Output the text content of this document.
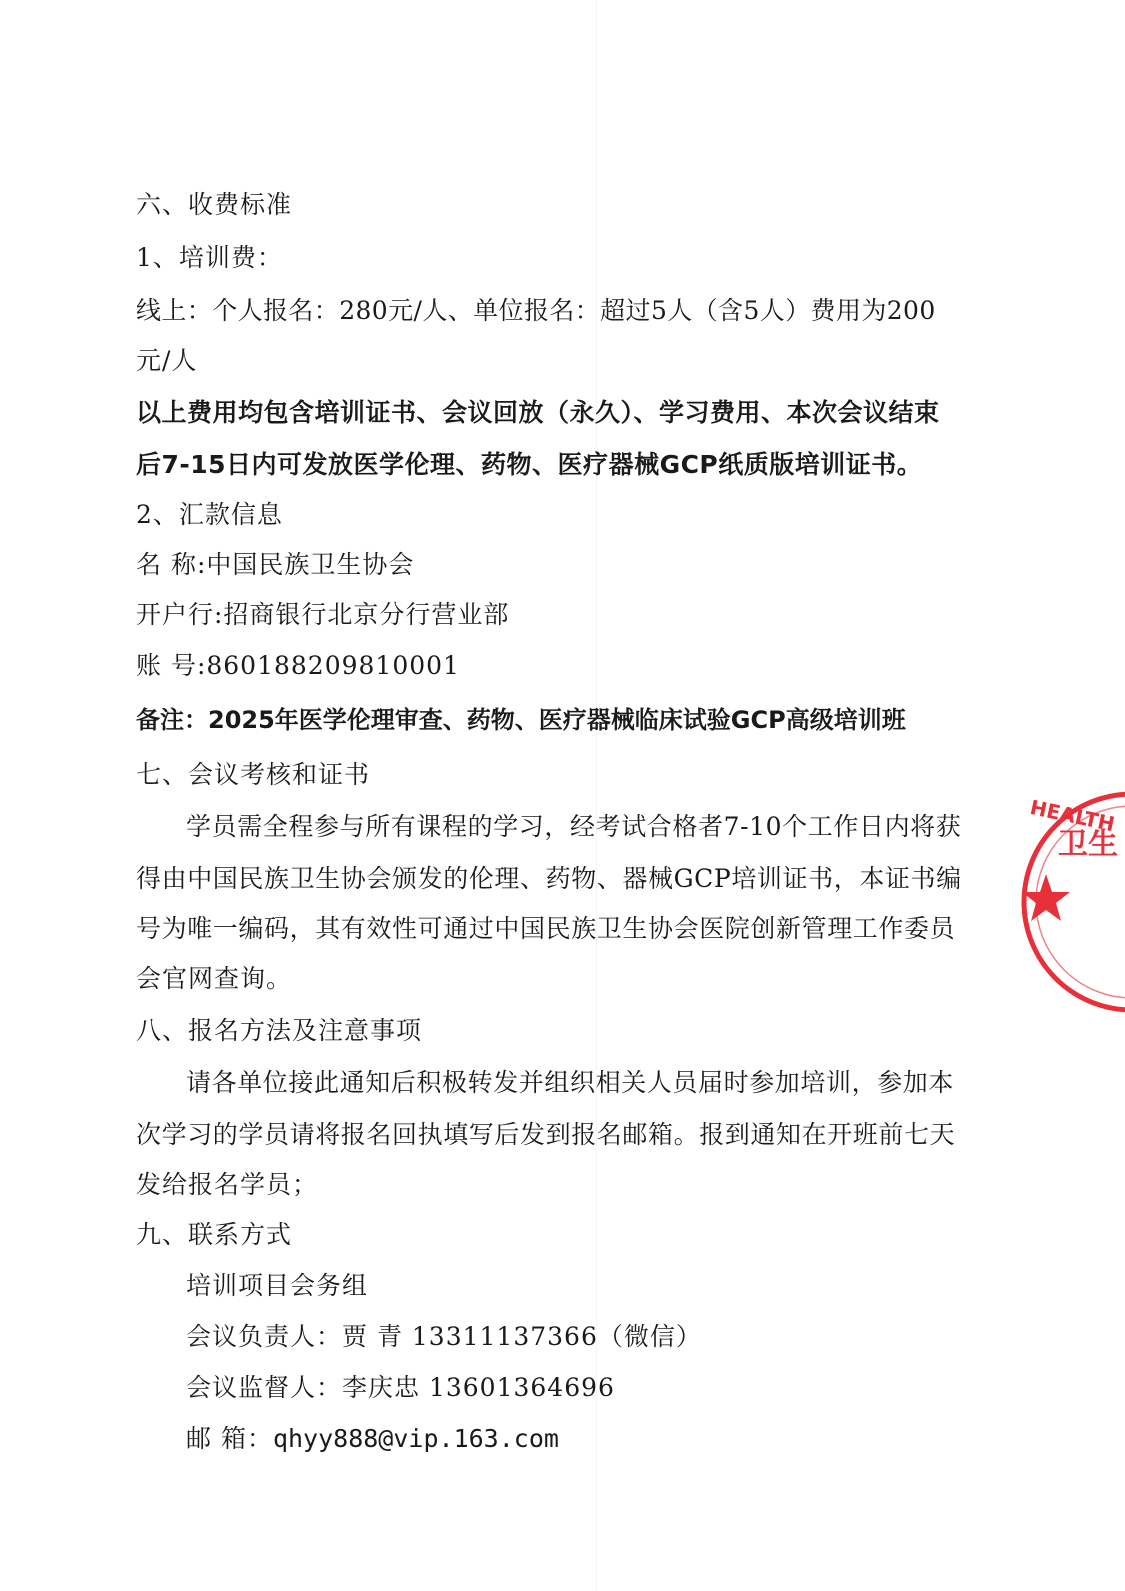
六、收费标准
1、培训费：
线上：个人报名：280元/人、单位报名：超过5人（含5人）费用为200
元/人
以上费用均包含培训证书、会议回放（永久）、学习费用、本次会议结束
后7-15日内可发放医学伦理、药物、医疗器械GCP纸质版培训证书。
2、汇款信息
名 称:中国民族卫生协会
开户行:招商银行北京分行营业部
账 号:860188209810001
备注：2025年医学伦理审查、药物、医疗器械临床试验GCP高级培训班
七、会议考核和证书
学员需全程参与所有课程的学习，经考试合格者7-10个工作日内将获
得由中国民族卫生协会颁发的伦理、药物、器械GCP培训证书，本证书编
号为唯一编码，其有效性可通过中国民族卫生协会医院创新管理工作委员
会官网查询。
八、报名方法及注意事项
请各单位接此通知后积极转发并组织相关人员届时参加培训，参加本
次学习的学员请将报名回执填写后发到报名邮箱。报到通知在开班前七天
发给报名学员；
九、联系方式
培训项目会务组
会议负责人：贾 青 13311137366（微信）
会议监督人：李庆忠 13601364696
邮 箱：qhyy888@vip.163.com
HEALTH
卫生
